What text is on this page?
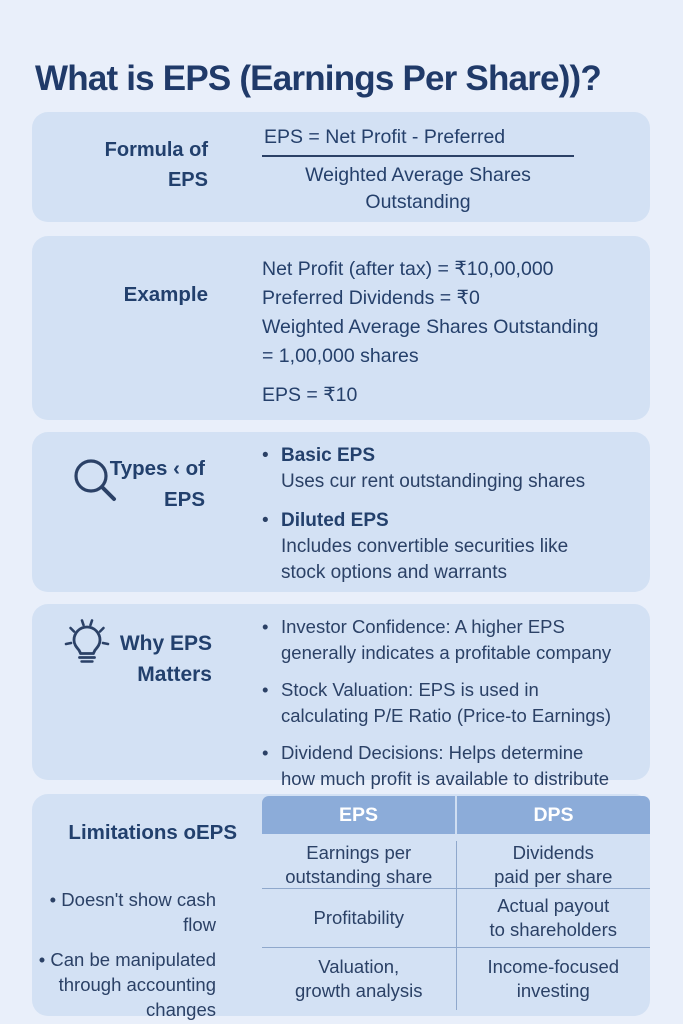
What is EPS (Earnings Per Share))?
Formula of
EPS
EPS = Net Profit - Preferred
Weighted Average Shares
Outstanding
Example
Net Profit (after tax) = ₹10,00,000
Preferred Dividends = ₹0
Weighted Average Shares Outstanding
= 1,00,000 shares
EPS = ₹10
Types ‹ of
EPS
• Basic EPS
Uses cur rent outstandinging shares
• Diluted EPS
Includes convertible securities like
stock options and warrants
Why EPS
Matters
• Investor Confidence: A higher EPS
generally indicates a profitable company
• Stock Valuation: EPS is used in
calculating P/E Ratio (Price-to Earnings)
• Dividend Decisions: Helps determine
how much profit is available to distribute
Limitations oEPS
• Doesn't show cash
flow
• Can be manipulated
through accounting
changes
EPS	DPS
Earnings per
outstanding share
Dividends
paid per share
Profitability
Actual payout
to shareholders
Valuation,
growth analysis
Income-focused
investing
